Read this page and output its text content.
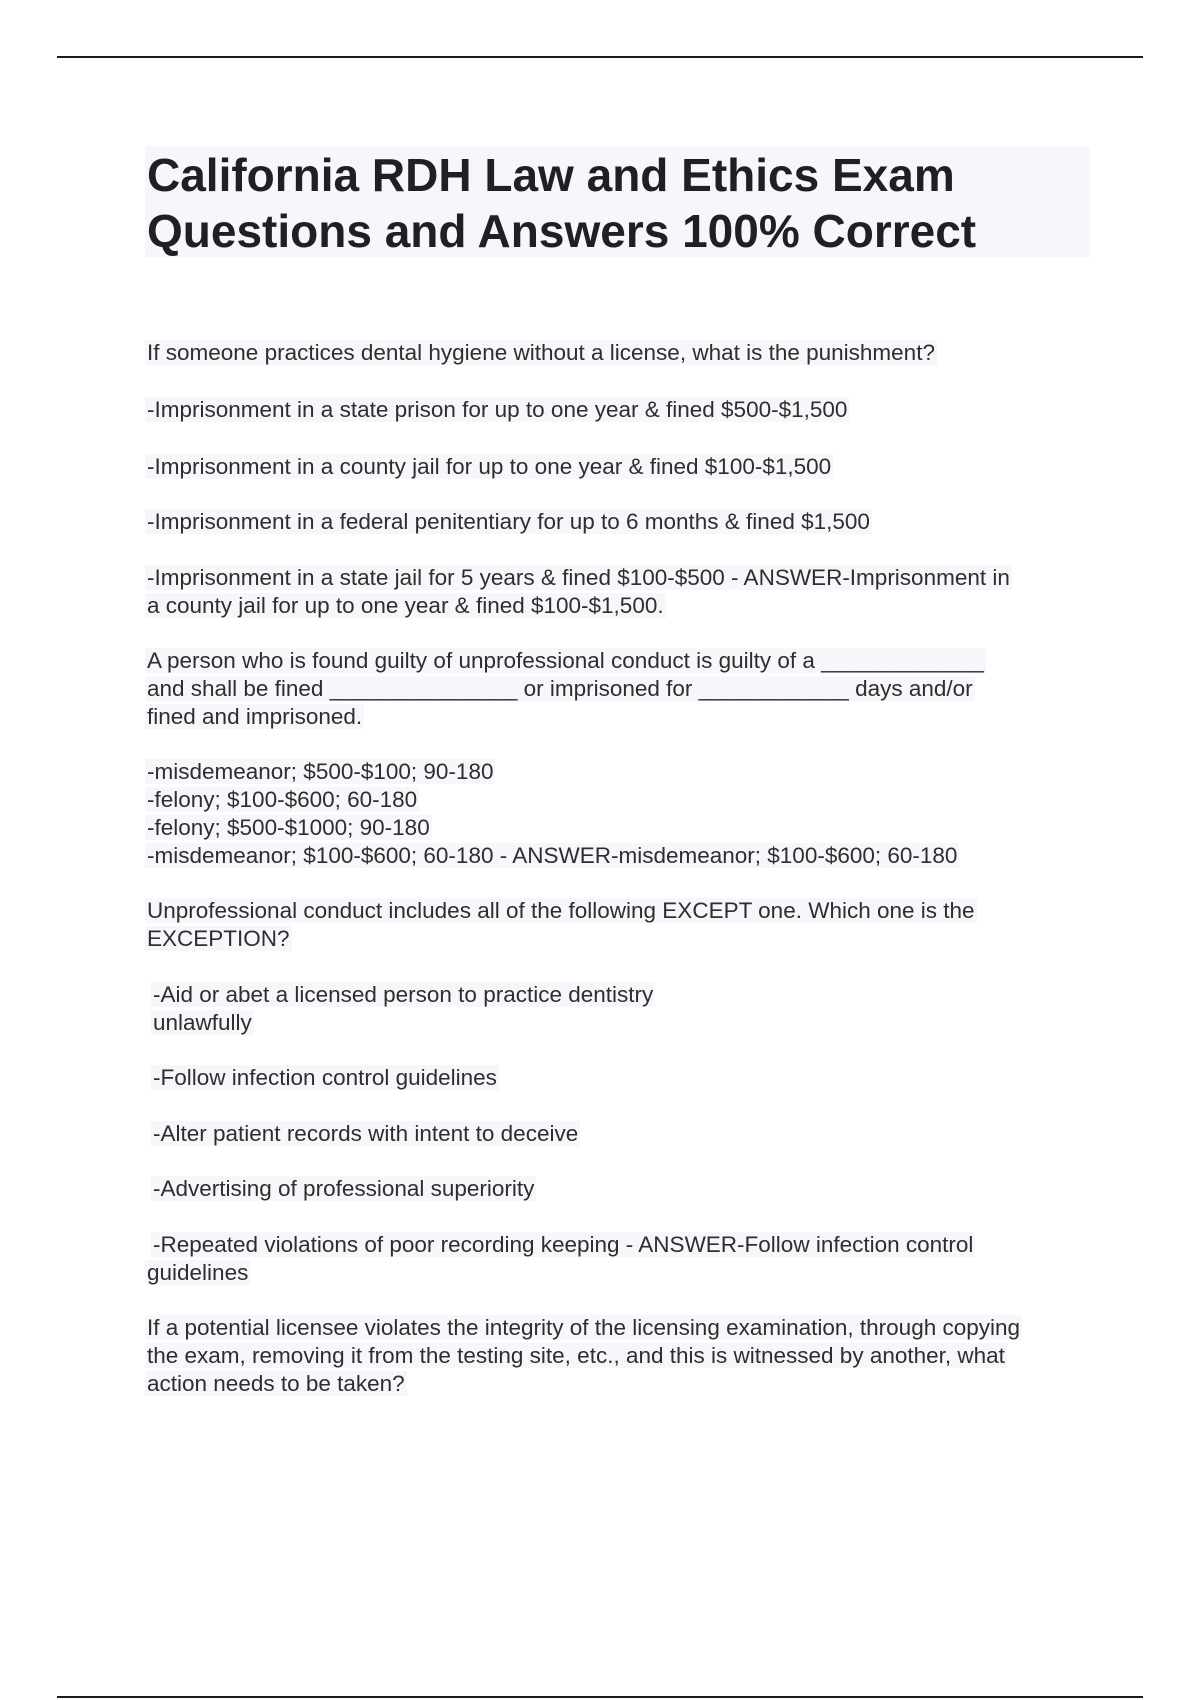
California RDH Law and Ethics Exam
Questions and Answers 100% Correct
If someone practices dental hygiene without a license, what is the punishment?
-Imprisonment in a state prison for up to one year & fined $500-$1,500
-Imprisonment in a county jail for up to one year & fined $100-$1,500
-Imprisonment in a federal penitentiary for up to 6 months & fined $1,500
-Imprisonment in a state jail for 5 years & fined $100-$500 - ANSWER-Imprisonment in
a county jail for up to one year & fined $100-$1,500.
A person who is found guilty of unprofessional conduct is guilty of a _____________
and shall be fined _______________ or imprisoned for ____________ days and/or
fined and imprisoned.
-misdemeanor; $500-$100; 90-180
-felony; $100-$600; 60-180
-felony; $500-$1000; 90-180
-misdemeanor; $100-$600; 60-180 - ANSWER-misdemeanor; $100-$600; 60-180
Unprofessional conduct includes all of the following EXCEPT one. Which one is the
EXCEPTION?
-Aid or abet a licensed person to practice dentistry
unlawfully
-Follow infection control guidelines
-Alter patient records with intent to deceive
-Advertising of professional superiority
-Repeated violations of poor recording keeping - ANSWER-Follow infection control
guidelines
If a potential licensee violates the integrity of the licensing examination, through copying
the exam, removing it from the testing site, etc., and this is witnessed by another, what
action needs to be taken?
